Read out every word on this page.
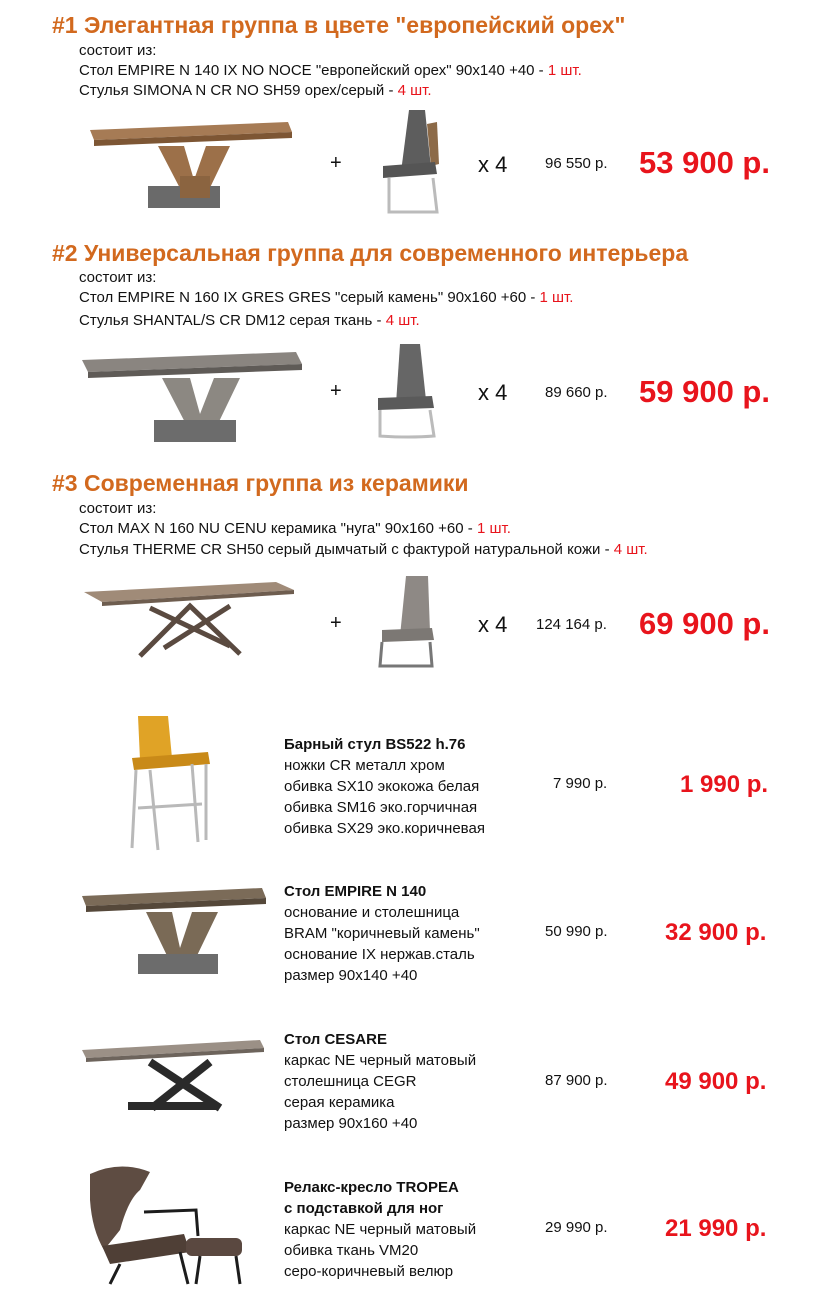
#1 Элегантная группа в цвете "европейский орех"
состоит из:
Стол EMPIRE N 140 IX NO NOCE "европейский орех" 90x140 +40 - 1 шт.
Стулья SIMONA N CR NO SH59 орех/серый - 4 шт.
+	x 4	96 550 р. 53 900 р.
#2 Универсальная группа для современного интерьера
состоит из:
Стол EMPIRE N 160 IX GRES GRES "серый камень" 90x160 +60 - 1 шт.
Стулья SHANTAL/S CR DM12 серая ткань - 4 шт.
+	x 4	89 660 р. 59 900 р.
#3 Современная группа из керамики
состоит из:
Стол MAX N 160 NU CENU керамика "нуга" 90x160 +60 - 1 шт.
Стулья THERME CR SH50 серый дымчатый с фактурой натуральной кожи - 4 шт.
+	x 4 124 164 р. 69 900 р.
Барный стул BS522 h.76
ножки CR металл хром
обивка SX10 экокожа белая
обивка SM16 эко.горчичная
обивка SX29 эко.коричневая
7 990 р.	1 990 р.
Стол EMPIRE N 140
основание и столешница
BRAM "коричневый камень"
основание IX нержав.сталь
размер 90x140 +40
50 990 р. 32 900 р.
Стол CESARE
каркас NE черный матовый
столешница CEGR
серая керамика
размер 90x160 +40
87 900 р. 49 900 р.
Релакс-кресло TROPEA
с подставкой для ног
каркас NE черный матовый
обивка ткань VM20
серо-коричневый велюр
29 990 р. 21 990 р.
